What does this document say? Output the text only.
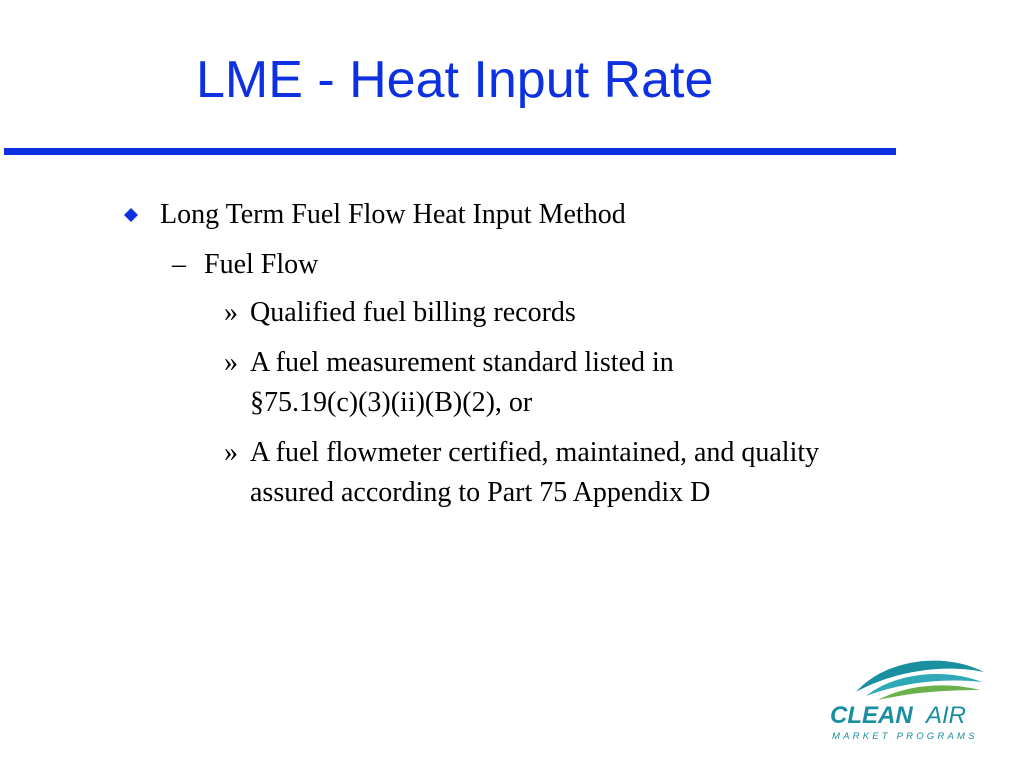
LME - Heat Input Rate
Long Term Fuel Flow Heat Input Method
– Fuel Flow
» Qualified fuel billing records
» A fuel measurement standard listed in
§75.19(c)(3)(ii)(B)(2), or
» A fuel flowmeter certified, maintained, and quality
assured according to Part 75 Appendix D
CLEAN AIR
MARKET PROGRAMS
